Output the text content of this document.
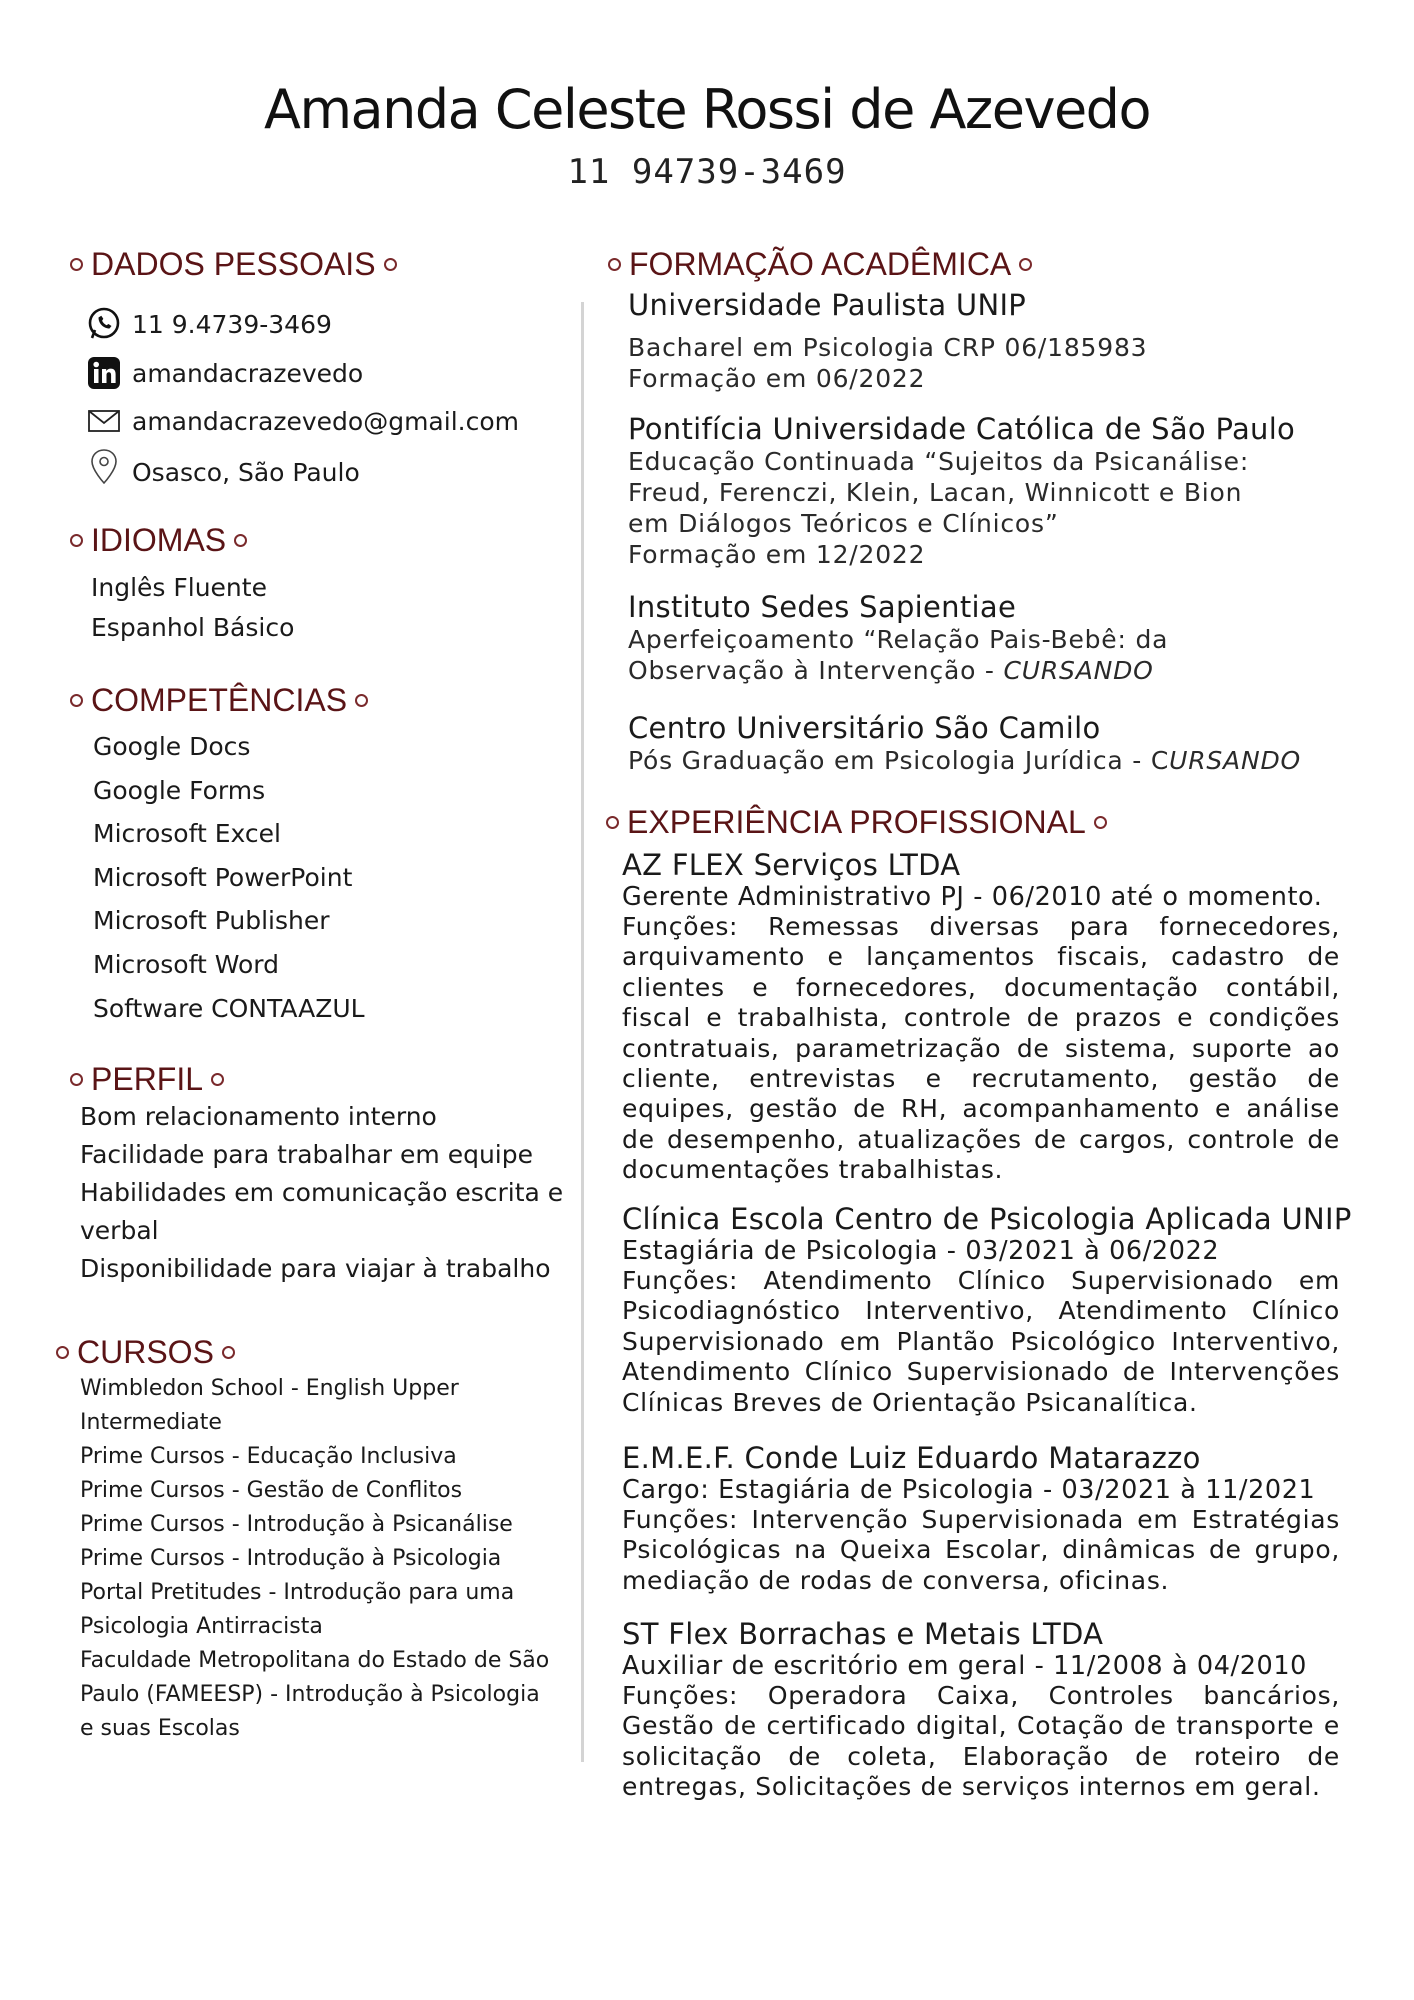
Amanda Celeste Rossi de Azevedo
11 94739-3469
DADOS PESSOAIS
11 9.4739-3469
amandacrazevedo
amandacrazevedo@gmail.com
Osasco, São Paulo
IDIOMAS
Inglês Fluente
Espanhol Básico
COMPETÊNCIAS
Google Docs
Google Forms
Microsoft Excel
Microsoft PowerPoint
Microsoft Publisher
Microsoft Word
Software CONTAAZUL
PERFIL
Bom relacionamento interno
Facilidade para trabalhar em equipe
Habilidades em comunicação escrita e verbal
Disponibilidade para viajar à trabalho
CURSOS
Wimbledon School - English Upper Intermediate
Prime Cursos - Educação Inclusiva
Prime Cursos - Gestão de Conflitos
Prime Cursos - Introdução à Psicanálise
Prime Cursos - Introdução à Psicologia
Portal Pretitudes - Introdução para uma Psicologia Antirracista
Faculdade Metropolitana do Estado de São Paulo (FAMEESP) - Introdução à Psicologia e suas Escolas
FORMAÇÃO ACADÊMICA
Universidade Paulista UNIP
Bacharel em Psicologia CRP 06/185983
Formação em 06/2022
Pontifícia Universidade Católica de São Paulo
Educação Continuada “Sujeitos da Psicanálise:
Freud, Ferenczi, Klein, Lacan, Winnicott e Bion
em Diálogos Teóricos e Clínicos”
Formação em 12/2022
Instituto Sedes Sapientiae
Aperfeiçoamento “Relação Pais-Bebê: da
Observação à Intervenção - CURSANDO
Centro Universitário São Camilo
Pós Graduação em Psicologia Jurídica - CURSANDO
EXPERIÊNCIA PROFISSIONAL
AZ FLEX Serviços LTDA
Gerente Administrativo PJ - 06/2010 até o momento.
Funções: Remessas diversas para fornecedores, arquivamento e lançamentos fiscais, cadastro de clientes e fornecedores, documentação contábil, fiscal e trabalhista, controle de prazos e condições contratuais, parametrização de sistema, suporte ao cliente, entrevistas e recrutamento, gestão de equipes, gestão de RH, acompanhamento e análise de desempenho, atualizações de cargos, controle de documentações trabalhistas.
Clínica Escola Centro de Psicologia Aplicada UNIP
Estagiária de Psicologia - 03/2021 à 06/2022
Funções: Atendimento Clínico Supervisionado em Psicodiagnóstico Interventivo, Atendimento Clínico Supervisionado em Plantão Psicológico Interventivo, Atendimento Clínico Supervisionado de Intervenções Clínicas Breves de Orientação Psicanalítica.
E.M.E.F. Conde Luiz Eduardo Matarazzo
Cargo: Estagiária de Psicologia - 03/2021 à 11/2021
Funções: Intervenção Supervisionada em Estratégias Psicológicas na Queixa Escolar, dinâmicas de grupo, mediação de rodas de conversa, oficinas.
ST Flex Borrachas e Metais LTDA
Auxiliar de escritório em geral - 11/2008 à 04/2010
Funções: Operadora Caixa, Controles bancários, Gestão de certificado digital, Cotação de transporte e solicitação de coleta, Elaboração de roteiro de entregas, Solicitações de serviços internos em geral.
